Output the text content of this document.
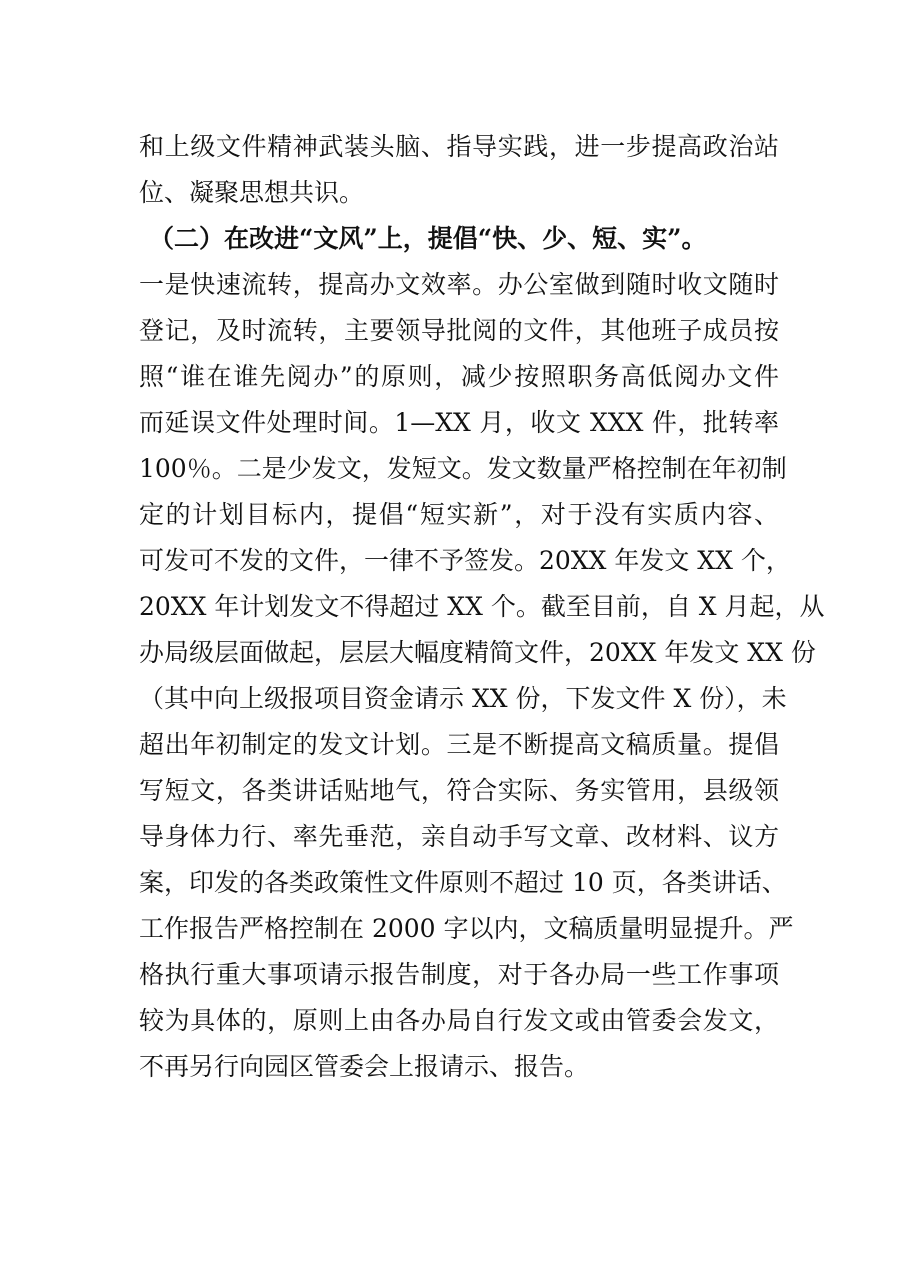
和上级文件精神武装头脑、指导实践，进一步提高政治站
位、凝聚思想共识。
（二）在改进“文风”上，提倡“快、少、短、实”。
一是快速流转，提高办文效率。办公室做到随时收文随时
登记，及时流转，主要领导批阅的文件，其他班子成员按
照“谁在谁先阅办”的原则，减少按照职务高低阅办文件
而延误文件处理时间。1—XX 月，收文 XXX 件，批转率
100％。二是少发文，发短文。发文数量严格控制在年初制
定的计划目标内，提倡“短实新”，对于没有实质内容、
可发可不发的文件，一律不予签发。20XX 年发文 XX 个，
20XX 年计划发文不得超过 XX 个。截至目前，自 X 月起，从
办局级层面做起，层层大幅度精简文件，20XX 年发文 XX 份
（其中向上级报项目资金请示 XX 份，下发文件 X 份），未
超出年初制定的发文计划。三是不断提高文稿质量。提倡
写短文，各类讲话贴地气，符合实际、务实管用，县级领
导身体力行、率先垂范，亲自动手写文章、改材料、议方
案，印发的各类政策性文件原则不超过 10 页，各类讲话、
工作报告严格控制在 2000 字以内，文稿质量明显提升。严
格执行重大事项请示报告制度，对于各办局一些工作事项
较为具体的，原则上由各办局自行发文或由管委会发文，
不再另行向园区管委会上报请示、报告。
